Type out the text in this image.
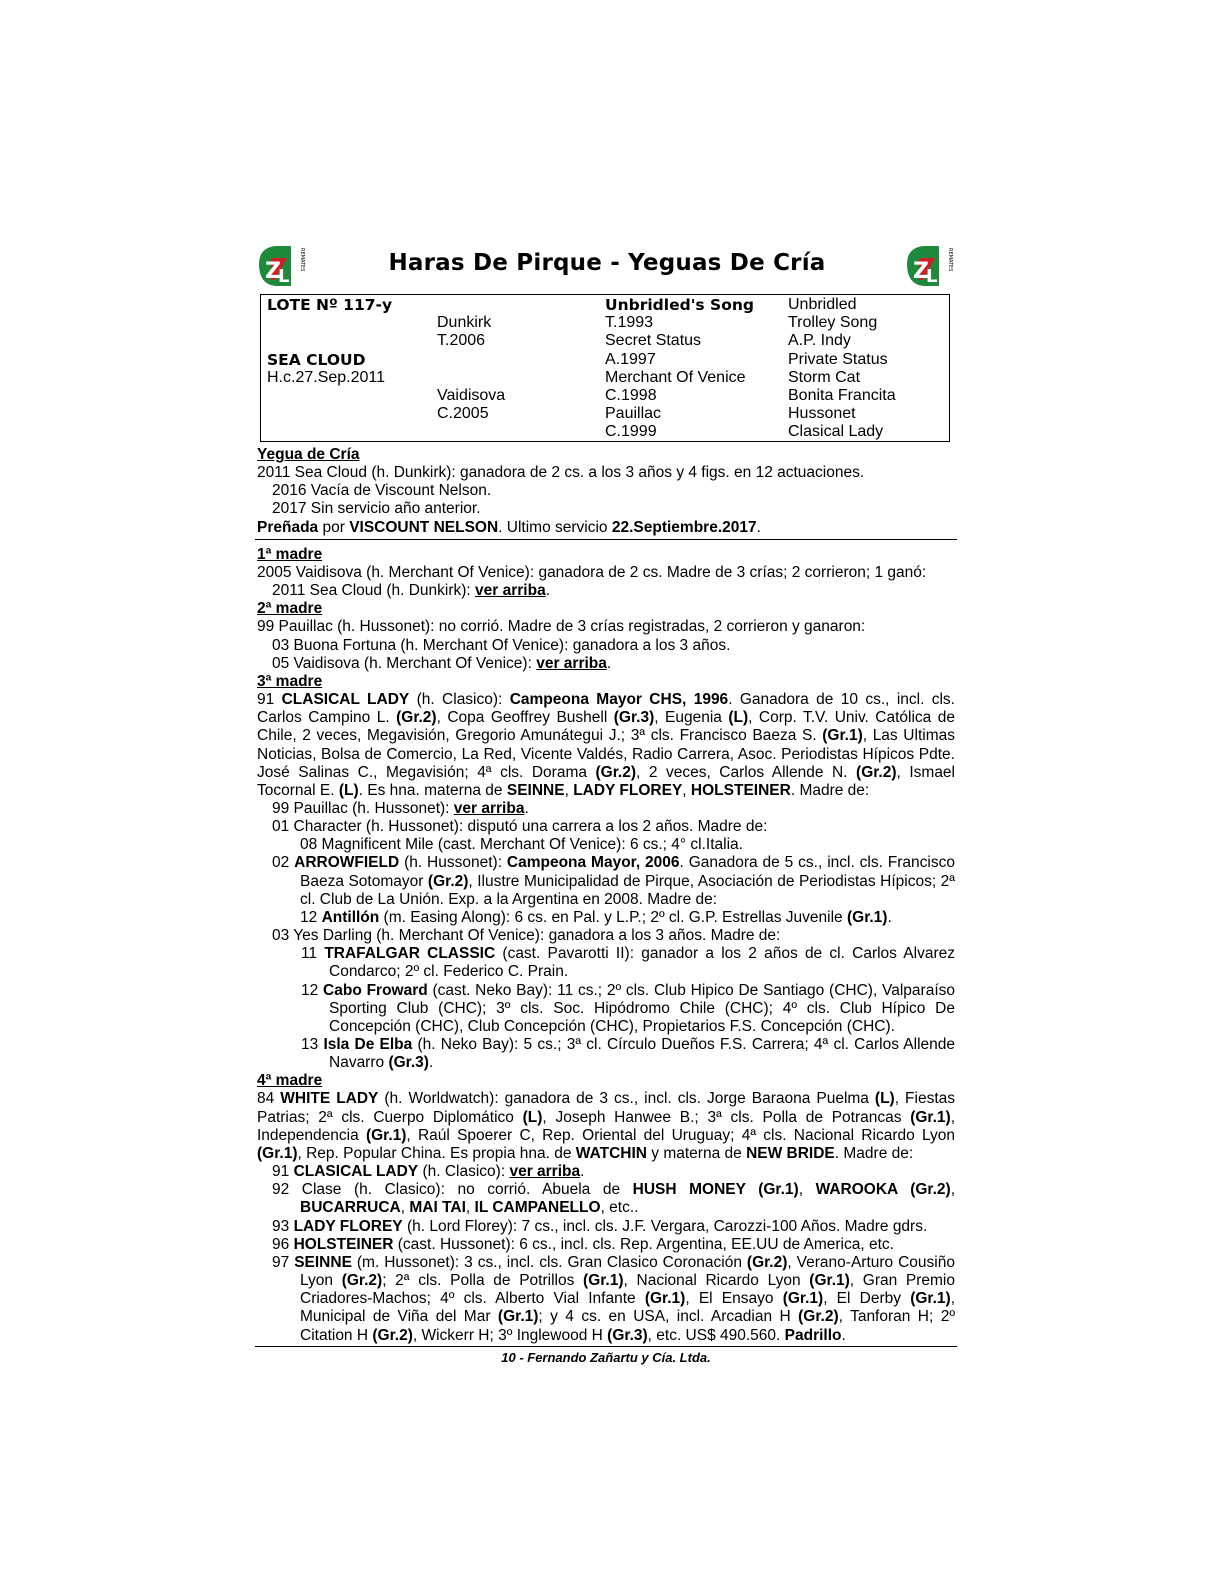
Z
L
REMATES	Haras De Pirque - Yeguas De Cría	Z
L
REMATES
LOTE Nº 117-y
SEA CLOUD
H.c.27.Sep.2011
Dunkirk
T.2006
Vaidisova
C.2005
Unbridled's Song
T.1993
Secret Status
A.1997
Merchant Of Venice
C.1998
Pauillac
C.1999
Unbridled
Trolley Song
A.P. Indy
Private Status
Storm Cat
Bonita Francita
Hussonet
Clasical Lady

Yegua de Cría

2011 Sea Cloud (h. Dunkirk): ganadora de 2 cs. a los 3 años y 4 figs. en 12 actuaciones.

2016 Vacía de Viscount Nelson.

2017 Sin servicio año anterior.

Preñada por VISCOUNT NELSON. Ultimo servicio 22.Septiembre.2017.

1ª madre

2005 Vaidisova (h. Merchant Of Venice): ganadora de 2 cs. Madre de 3 crías; 2 corrieron; 1 ganó:

2011 Sea Cloud (h. Dunkirk): ver arriba.

2ª madre

99 Pauillac (h. Hussonet): no corrió. Madre de 3 crías registradas, 2 corrieron y ganaron:

03 Buona Fortuna (h. Merchant Of Venice): ganadora a los 3 años.

05 Vaidisova (h. Merchant Of Venice): ver arriba.

3ª madre

91 CLASICAL LADY (h. Clasico): Campeona Mayor CHS, 1996. Ganadora de 10 cs., incl. cls. Carlos Campino L. (Gr.2), Copa Geoffrey Bushell (Gr.3), Eugenia (L), Corp. T.V. Univ. Católica de Chile, 2 veces, Megavisión, Gregorio Amunátegui J.; 3ª cls. Francisco Baeza S. (Gr.1), Las Ultimas Noticias, Bolsa de Comercio, La Red, Vicente Valdés, Radio Carrera, Asoc. Periodistas Hípicos Pdte. José Salinas C., Megavisión; 4ª cls. Dorama (Gr.2), 2 veces, Carlos Allende N. (Gr.2), Ismael Tocornal E. (L). Es hna. materna de SEINNE, LADY FLOREY, HOLSTEINER. Madre de:

99 Pauillac (h. Hussonet): ver arriba.

01 Character (h. Hussonet): disputó una carrera a los 2 años. Madre de:

08 Magnificent Mile (cast. Merchant Of Venice): 6 cs.; 4° cl.Italia.

02 ARROWFIELD (h. Hussonet): Campeona Mayor, 2006. Ganadora de 5 cs., incl. cls. Francisco Baeza Sotomayor (Gr.2), Ilustre Municipalidad de Pirque, Asociación de Periodistas Hípicos; 2ª cl. Club de La Unión. Exp. a la Argentina en 2008. Madre de:

12 Antillón (m. Easing Along): 6 cs. en Pal. y L.P.; 2º cl. G.P. Estrellas Juvenile (Gr.1).

03 Yes Darling (h. Merchant Of Venice): ganadora a los 3 años. Madre de:

11 TRAFALGAR CLASSIC (cast. Pavarotti II): ganador a los 2 años de cl. Carlos Alvarez Condarco; 2º cl. Federico C. Prain.

12 Cabo Froward (cast. Neko Bay): 11 cs.; 2º cls. Club Hipico De Santiago (CHC), Valparaíso Sporting Club (CHC); 3º cls. Soc. Hipódromo Chile (CHC); 4º cls. Club Hípico De Concepción (CHC), Club Concepción (CHC), Propietarios F.S. Concepción (CHC).

13 Isla De Elba (h. Neko Bay): 5 cs.; 3ª cl. Círculo Dueños F.S. Carrera; 4ª cl. Carlos Allende Navarro (Gr.3).

4ª madre

84 WHITE LADY (h. Worldwatch): ganadora de 3 cs., incl. cls. Jorge Baraona Puelma (L), Fiestas Patrias; 2ª cls. Cuerpo Diplomático (L), Joseph Hanwee B.; 3ª cls. Polla de Potrancas (Gr.1), Independencia (Gr.1), Raúl Spoerer C, Rep. Oriental del Uruguay; 4ª cls. Nacional Ricardo Lyon (Gr.1), Rep. Popular China. Es propia hna. de WATCHIN y materna de NEW BRIDE. Madre de:

91 CLASICAL LADY (h. Clasico): ver arriba.

92 Clase (h. Clasico): no corrió. Abuela de HUSH MONEY (Gr.1), WAROOKA (Gr.2), BUCARRUCA, MAI TAI, IL CAMPANELLO, etc..

93 LADY FLOREY (h. Lord Florey): 7 cs., incl. cls. J.F. Vergara, Carozzi-100 Años. Madre gdrs.

96 HOLSTEINER (cast. Hussonet): 6 cs., incl. cls. Rep. Argentina, EE.UU de America, etc.

97 SEINNE (m. Hussonet): 3 cs., incl. cls. Gran Clasico Coronación (Gr.2), Verano-Arturo Cousiño Lyon (Gr.2); 2ª cls. Polla de Potrillos (Gr.1), Nacional Ricardo Lyon (Gr.1), Gran Premio Criadores-Machos; 4º cls. Alberto Vial Infante (Gr.1), El Ensayo (Gr.1), El Derby (Gr.1), Municipal de Viña del Mar (Gr.1); y 4 cs. en USA, incl. Arcadian H (Gr.2), Tanforan H; 2º Citation H (Gr.2), Wickerr H; 3º Inglewood H (Gr.3), etc. US$ 490.560. Padrillo.

10 - Fernando Zañartu y Cía. Ltda.
